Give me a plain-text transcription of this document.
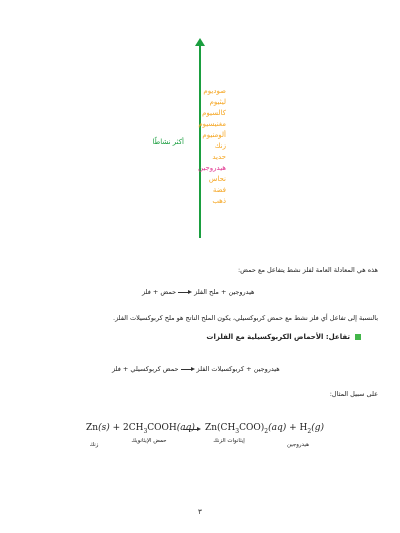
أكثر نشاطًا
صوديوم
ليثيوم
كالسيوم
مغنيسيوم
ألومنيوم
زنك
حديد
هيدروجين
نحاس
فضة
ذهب
هذه هي المعادلة العامة لفلز نشط يتفاعل مع حمض:
هيدروجين + ملح الفلزحمض + فلز
بالنسبة إلى تفاعل أي فلز نشط مع حمض كربوكسيلي، يكون الملح الناتج هو ملح كربوكسيلات الفلز.
تفاعل: الأحماض الكربوكسيلية مع الفلزات
هيدروجين + كربوكسيلات الفلزحمض كربوكسيلي + فلز
على سبيل المثال:
$Zn(s) + 2CH_3COOH(aq) Zn(CH_3COO)_2(aq) + H_2(g)$
زنك
حمض الإيثانويك	إيثانوات الزنك
هيدروجين
٣
